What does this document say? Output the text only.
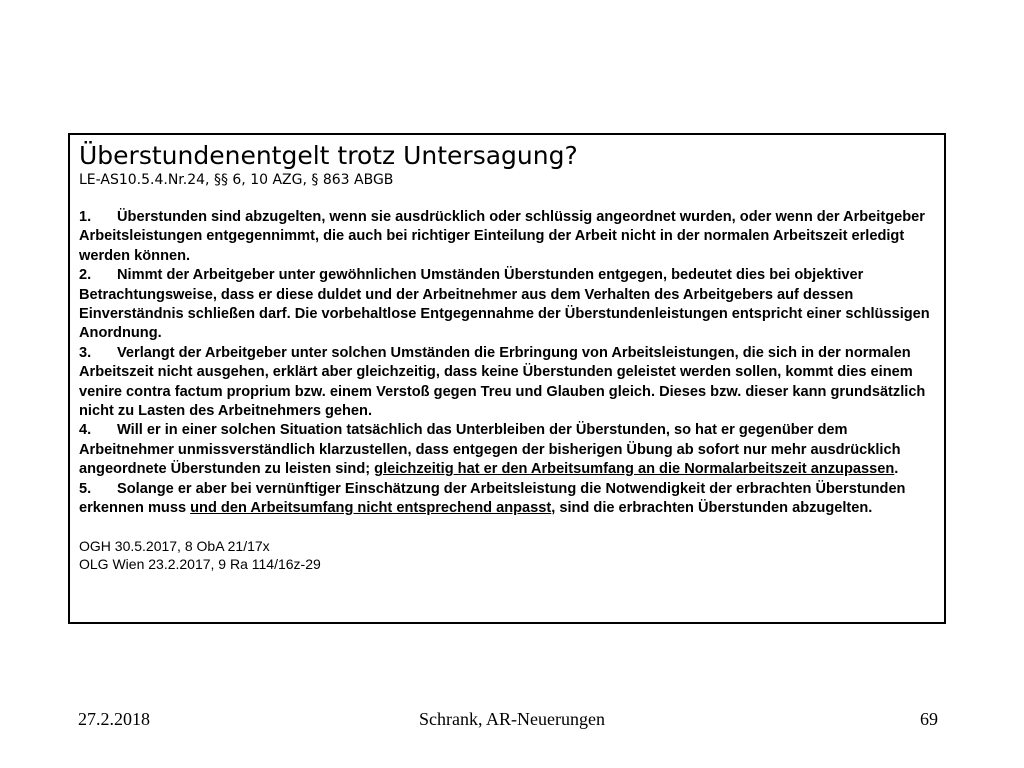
Überstundenentgelt trotz Untersagung?

LE-AS10.5.4.Nr.24, §§ 6, 10 AZG, § 863 ABGB

1. Überstunden sind abzugelten, wenn sie ausdrücklich oder schlüssig angeordnet wurden, oder wenn der Arbeitgeber Arbeitsleistungen entgegennimmt, die auch bei richtiger Einteilung der Arbeit nicht in der normalen Arbeitszeit erledigt werden können.

2. Nimmt der Arbeitgeber unter gewöhnlichen Umständen Überstunden entgegen, bedeutet dies bei objektiver Betrachtungsweise, dass er diese duldet und der Arbeitnehmer aus dem Verhalten des Arbeitgebers auf dessen Einverständnis schließen darf. Die vorbehaltlose Entgegennahme der Überstundenleistungen entspricht einer schlüssigen Anordnung.

3. Verlangt der Arbeitgeber unter solchen Umständen die Erbringung von Arbeitsleistungen, die sich in der normalen Arbeitszeit nicht ausgehen, erklärt aber gleichzeitig, dass keine Überstunden geleistet werden sollen, kommt dies einem venire contra factum proprium bzw. einem Verstoß gegen Treu und Glauben gleich. Dieses bzw. dieser kann grundsätzlich nicht zu Lasten des Arbeitnehmers gehen.

4. Will er in einer solchen Situation tatsächlich das Unterbleiben der Überstunden, so hat er gegenüber dem Arbeitnehmer unmissverständlich klarzustellen, dass entgegen der bisherigen Übung ab sofort nur mehr ausdrücklich angeordnete Überstunden zu leisten sind; gleichzeitig hat er den Arbeitsumfang an die Normalarbeitszeit anzupassen.

5. Solange er aber bei vernünftiger Einschätzung der Arbeitsleistung die Notwendigkeit der erbrachten Überstunden erkennen muss und den Arbeitsumfang nicht entsprechend anpasst, sind die erbrachten Überstunden abzugelten.

OGH 30.5.2017, 8 ObA 21/17x

OLG Wien 23.2.2017, 9 Ra 114/16z-29

27.2.2018	Schrank, AR-Neuerungen	69
